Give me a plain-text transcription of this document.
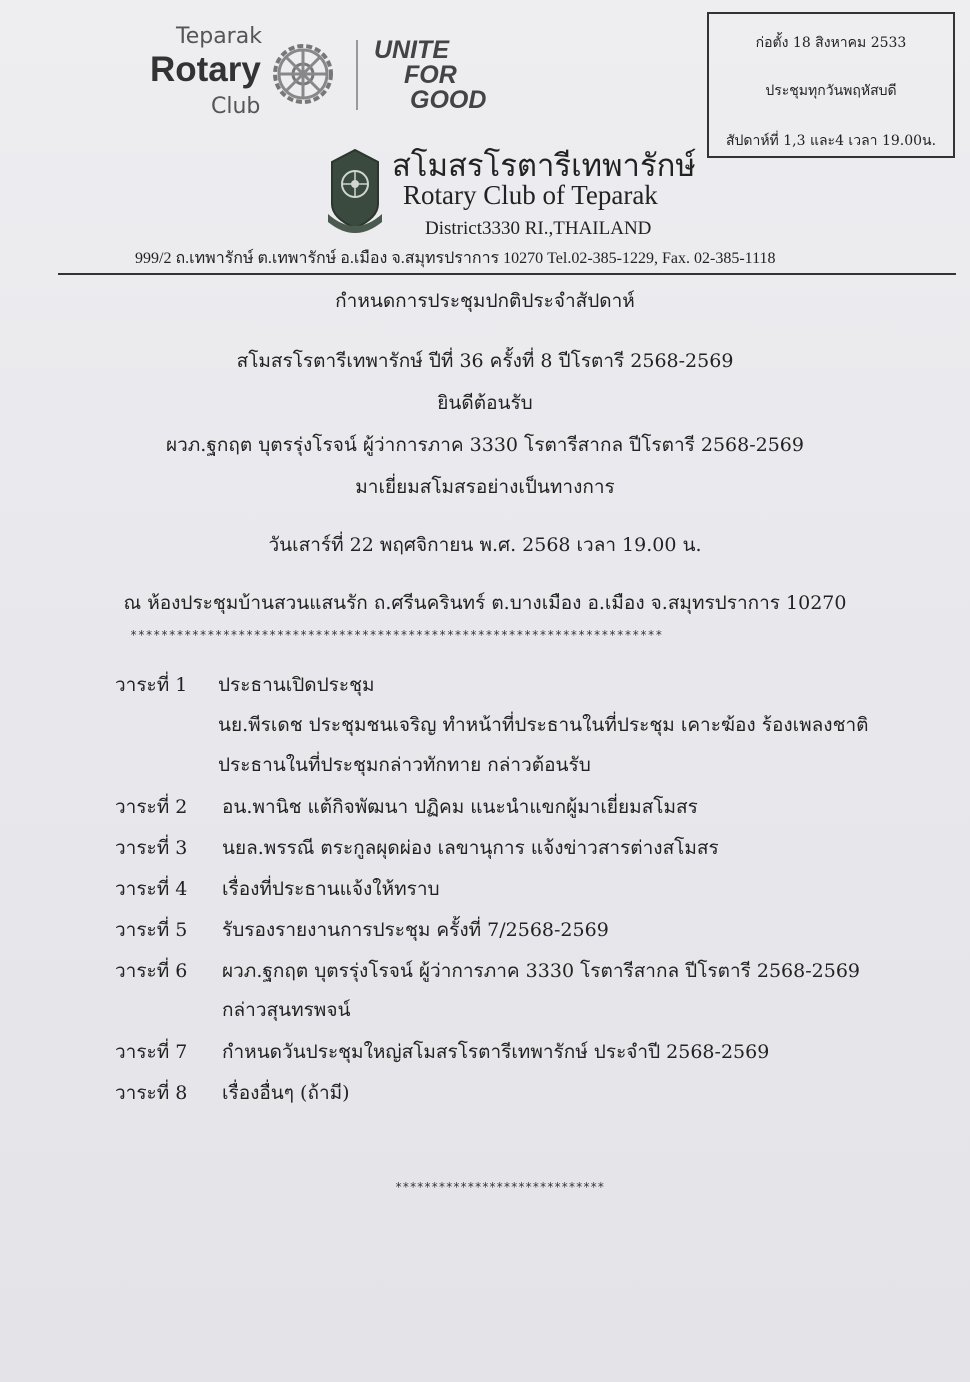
Teparak
Rotary
Club
UNITE
FOR
GOOD
ก่อตั้ง 18 สิงหาคม 2533
ประชุมทุกวันพฤหัสบดี
สัปดาห์ที่ 1,3 และ4 เวลา 19.00น.
สโมสรโรตารีเทพารักษ์
Rotary Club of Teparak
District3330 RI.,THAILAND
999/2 ถ.เทพารักษ์ ต.เทพารักษ์ อ.เมือง จ.สมุทรปราการ 10270 Tel.02-385-1229, Fax. 02-385-1118
กำหนดการประชุมปกติประจำสัปดาห์
สโมสรโรตารีเทพารักษ์ ปีที่ 36 ครั้งที่ 8 ปีโรตารี 2568-2569
ยินดีต้อนรับ
ผวภ.ฐกฤต บุตรรุ่งโรจน์ ผู้ว่าการภาค 3330 โรตารีสากล ปีโรตารี 2568-2569
มาเยี่ยมสโมสรอย่างเป็นทางการ
วันเสาร์ที่ 22 พฤศจิกายน พ.ศ. 2568 เวลา 19.00 น.
ณ ห้องประชุมบ้านสวนแสนรัก ถ.ศรีนครินทร์ ต.บางเมือง อ.เมือง จ.สมุทรปราการ 10270
*********************************************************************
วาระที่ 1 ประธานเปิดประชุม
นย.พีรเดช ประชุมชนเจริญ ทำหน้าที่ประธานในที่ประชุม เคาะฆ้อง ร้องเพลงชาติ
ประธานในที่ประชุมกล่าวทักทาย กล่าวต้อนรับ
วาระที่ 2 อน.พานิช แต้กิจพัฒนา ปฏิคม แนะนำแขกผู้มาเยี่ยมสโมสร
วาระที่ 3 นยล.พรรณี ตระกูลผุดผ่อง เลขานุการ แจ้งข่าวสารต่างสโมสร
วาระที่ 4 เรื่องที่ประธานแจ้งให้ทราบ
วาระที่ 5 รับรองรายงานการประชุม ครั้งที่ 7/2568-2569
วาระที่ 6 ผวภ.ฐกฤต บุตรรุ่งโรจน์ ผู้ว่าการภาค 3330 โรตารีสากล ปีโรตารี 2568-2569
กล่าวสุนทรพจน์
วาระที่ 7 กำหนดวันประชุมใหญ่สโมสรโรตารีเทพารักษ์ ประจำปี 2568-2569
วาระที่ 8 เรื่องอื่นๆ (ถ้ามี)
*****************************
